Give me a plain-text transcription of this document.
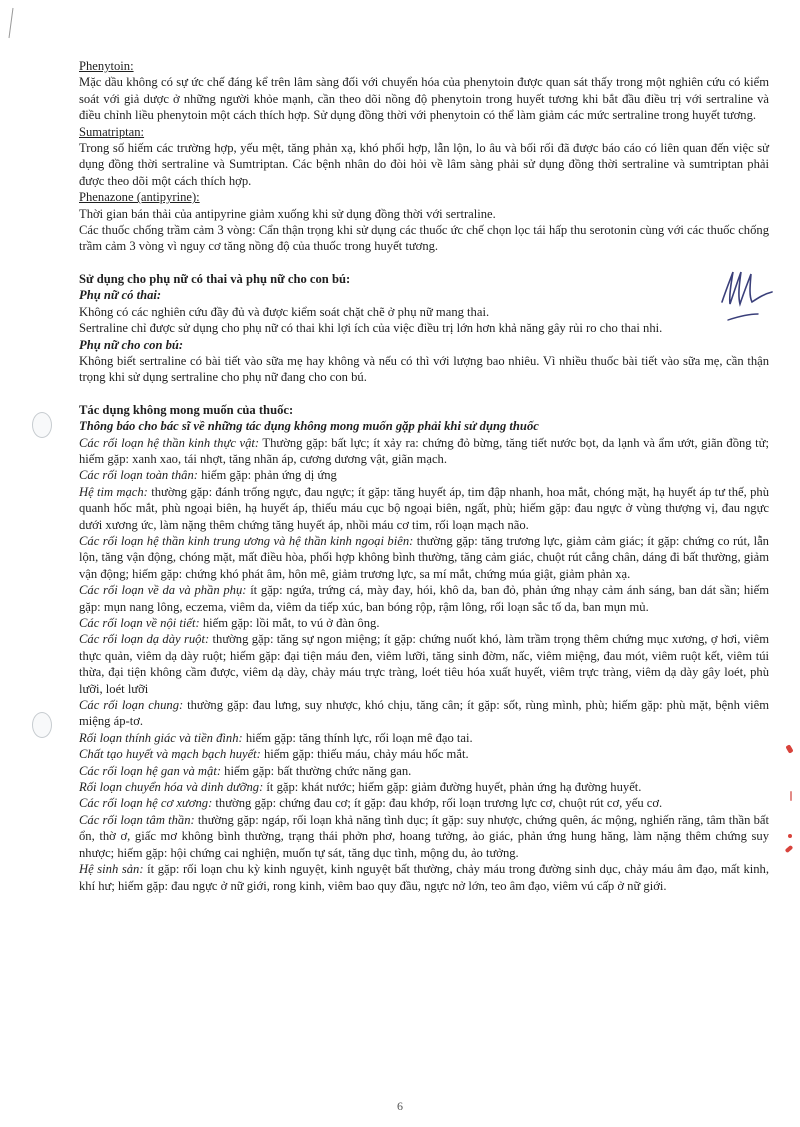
Phenytoin:

Mặc dầu không có sự ức chế đáng kể trên lâm sàng đối với chuyển hóa của phenytoin được quan sát thấy trong một nghiên cứu có kiểm soát với giả dược ở những người khỏe mạnh, cần theo dõi nồng độ phenytoin trong huyết tương khi bắt đầu điều trị với sertraline và điều chỉnh liều phenytoin một cách thích hợp. Sử dụng đồng thời với phenytoin có thể làm giảm các mức sertraline trong huyết tương.

Sumatriptan:

Trong số hiếm các trường hợp, yếu mệt, tăng phản xạ, khó phối hợp, lẫn lộn, lo âu và bối rối đã được báo cáo có liên quan đến việc sử dụng đồng thời sertraline và Sumtriptan. Các bệnh nhân do đòi hỏi về lâm sàng phải sử dụng đồng thời sertraline và sumtriptan phải được theo dõi một cách thích hợp.

Phenazone (antipyrine):

Thời gian bán thải của antipyrine giảm xuống khi sử dụng đồng thời với sertraline.

Các thuốc chống trầm cảm 3 vòng: Cẩn thận trọng khi sử dụng các thuốc ức chế chọn lọc tái hấp thu serotonin cùng với các thuốc chống trầm cảm 3 vòng vì nguy cơ tăng nồng độ của thuốc trong huyết tương.

Sử dụng cho phụ nữ có thai và phụ nữ cho con bú:

Phụ nữ có thai:

Không có các nghiên cứu đầy đủ và được kiểm soát chặt chẽ ở phụ nữ mang thai.

Sertraline chỉ được sử dụng cho phụ nữ có thai khi lợi ích của việc điều trị lớn hơn khả năng gây rủi ro cho thai nhi.

Phụ nữ cho con bú:

Không biết sertraline có bài tiết vào sữa mẹ hay không và nếu có thì với lượng bao nhiêu. Vì nhiều thuốc bài tiết vào sữa mẹ, cần thận trọng khi sử dụng sertraline cho phụ nữ đang cho con bú.

Tác dụng không mong muốn của thuốc:

Thông báo cho bác sĩ về những tác dụng không mong muốn gặp phải khi sử dụng thuốc

Các rối loạn hệ thần kinh thực vật: Thường gặp: bất lực; ít xảy ra: chứng đỏ bừng, tăng tiết nước bọt, da lạnh và ẩm ướt, giãn đồng tử; hiếm gặp: xanh xao, tái nhợt, tăng nhãn áp, cương dương vật, giãn mạch.

Các rối loạn toàn thân: hiếm gặp: phản ứng dị ứng

Hệ tim mạch: thường gặp: đánh trống ngực, đau ngực; ít gặp: tăng huyết áp, tim đập nhanh, hoa mắt, chóng mặt, hạ huyết áp tư thế, phù quanh hốc mắt, phù ngoại biên, hạ huyết áp, thiếu máu cục bộ ngoại biên, ngất, phù; hiếm gặp: đau ngực ở vùng thượng vị, đau ngực dưới xương ức, làm nặng thêm chứng tăng huyết áp, nhồi máu cơ tim, rối loạn mạch não.

Các rối loạn hệ thần kinh trung ương và hệ thần kinh ngoại biên: thường gặp: tăng trương lực, giảm cảm giác; ít gặp: chứng co rút, lẫn lộn, tăng vận động, chóng mặt, mất điều hòa, phối hợp không bình thường, tăng cảm giác, chuột rút cẳng chân, dáng đi bất thường, giảm vận động; hiếm gặp: chứng khó phát âm, hôn mê, giảm trương lực, sa mí mắt, chứng múa giật, giảm phản xạ.

Các rối loạn về da và phần phụ: ít gặp: ngứa, trứng cá, mày đay, hói, khô da, ban đỏ, phản ứng nhạy cảm ánh sáng, ban dát sần; hiếm gặp: mụn nang lông, eczema, viêm da, viêm da tiếp xúc, ban bóng rộp, rậm lông, rối loạn sắc tố da, ban mụn mủ.

Các rối loạn về nội tiết: hiếm gặp: lồi mắt, to vú ở đàn ông.

Các rối loạn dạ dày ruột: thường gặp: tăng sự ngon miệng; ít gặp: chứng nuốt khó, làm trầm trọng thêm chứng mục xương, ợ hơi, viêm thực quản, viêm dạ dày ruột; hiếm gặp: đại tiện máu đen, viêm lưỡi, tăng sinh đờm, nấc, viêm miệng, đau mót, viêm ruột kết, viêm túi thừa, đại tiện không cầm được, viêm dạ dày, chảy máu trực tràng, loét tiêu hóa xuất huyết, viêm trực tràng, viêm dạ dày gây loét, phù lưỡi, loét lưỡi

Các rối loạn chung: thường gặp: đau lưng, suy nhược, khó chịu, tăng cân; ít gặp: sốt, rùng mình, phù; hiếm gặp: phù mặt, bệnh viêm miệng áp-tơ.

Rối loạn thính giác và tiền đình: hiếm gặp: tăng thính lực, rối loạn mê đạo tai.

Chất tạo huyết và mạch bạch huyết: hiếm gặp: thiếu máu, chảy máu hốc mắt.

Các rối loạn hệ gan và mật: hiếm gặp: bất thường chức năng gan.

Rối loạn chuyển hóa và dinh dưỡng: ít gặp: khát nước; hiếm gặp: giảm đường huyết, phản ứng hạ đường huyết.

Các rối loạn hệ cơ xương: thường gặp: chứng đau cơ; ít gặp: đau khớp, rối loạn trương lực cơ, chuột rút cơ, yếu cơ.

Các rối loạn tâm thần: thường gặp: ngáp, rối loạn khả năng tình dục; ít gặp: suy nhược, chứng quên, ác mộng, nghiến răng, tâm thần bất ổn, thờ ơ, giấc mơ không bình thường, trạng thái phởn phơ, hoang tưởng, ảo giác, phản ứng hung hăng, làm nặng thêm chứng suy nhược; hiếm gặp: hội chứng cai nghiện, muốn tự sát, tăng dục tình, mộng du, ảo tưởng.

Hệ sinh sản: ít gặp: rối loạn chu kỳ kinh nguyệt, kinh nguyệt bất thường, chảy máu trong đường sinh dục, chảy máu âm đạo, mất kinh, khí hư; hiếm gặp: đau ngực ở nữ giới, rong kinh, viêm bao quy đầu, ngực nở lớn, teo âm đạo, viêm vú cấp ở nữ giới.

6
